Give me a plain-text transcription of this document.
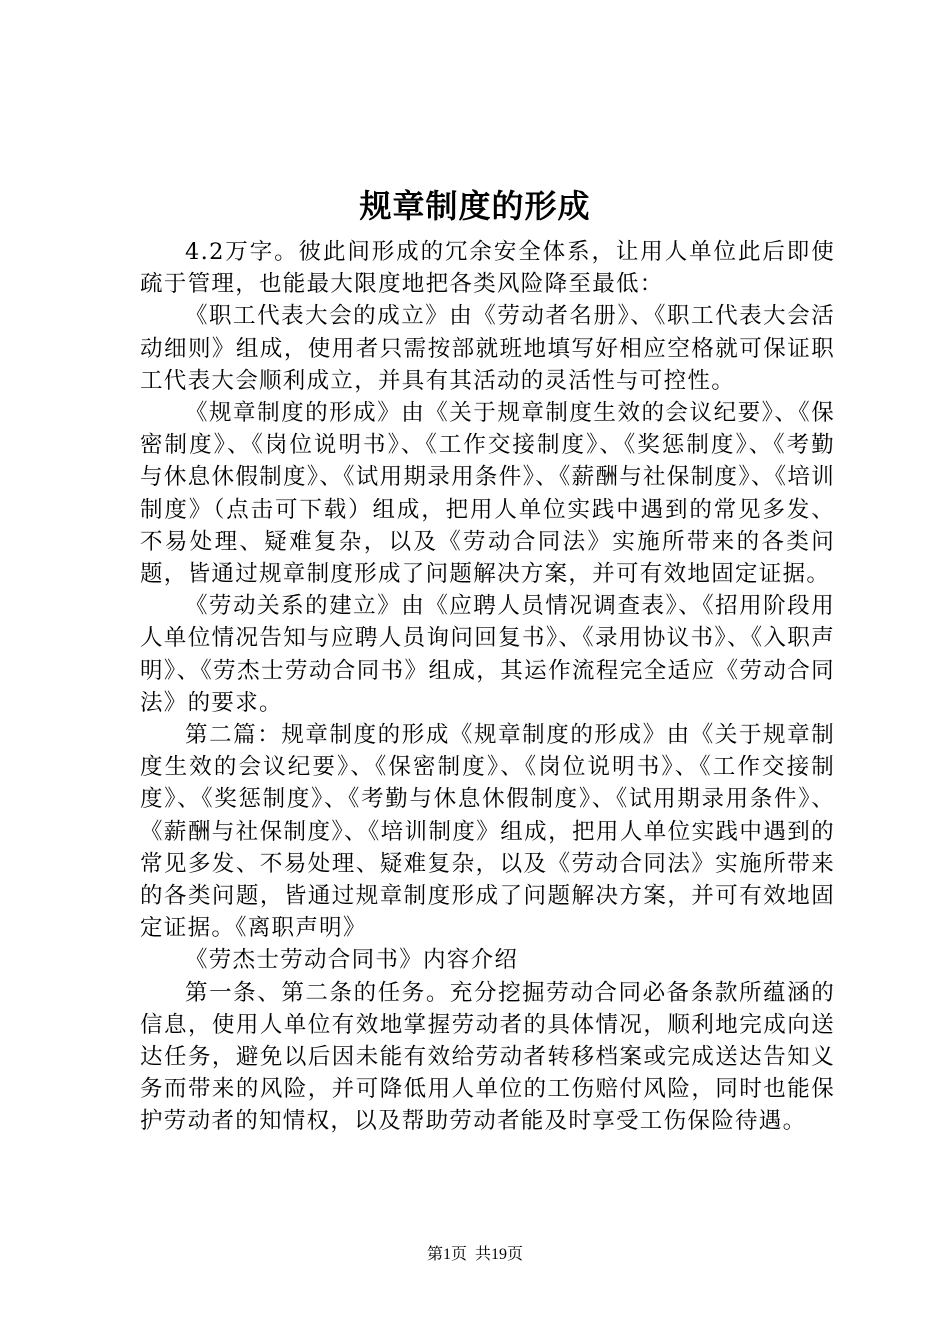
规章制度的形成

4.2万字。彼此间形成的冗余安全体系，让用人单位此后即使疏于管理，也能最大限度地把各类风险降至最低：

《职工代表大会的成立》由《劳动者名册》、《职工代表大会活动细则》组成，使用者只需按部就班地填写好相应空格就可保证职工代表大会顺利成立，并具有其活动的灵活性与可控性。

《规章制度的形成》由《关于规章制度生效的会议纪要》、《保密制度》、《岗位说明书》、《工作交接制度》、《奖惩制度》、《考勤与休息休假制度》、《试用期录用条件》、《薪酬与社保制度》、《培训制度》（点击可下载）组成，把用人单位实践中遇到的常见多发、不易处理、疑难复杂，以及《劳动合同法》实施所带来的各类问题，皆通过规章制度形成了问题解决方案，并可有效地固定证据。

《劳动关系的建立》由《应聘人员情况调查表》、《招用阶段用人单位情况告知与应聘人员询问回复书》、《录用协议书》、《入职声明》、《劳杰士劳动合同书》组成，其运作流程完全适应《劳动合同法》的要求。

第二篇：规章制度的形成《规章制度的形成》由《关于规章制度生效的会议纪要》、《保密制度》、《岗位说明书》、《工作交接制度》、《奖惩制度》、《考勤与休息休假制度》、《试用期录用条件》、《薪酬与社保制度》、《培训制度》组成，把用人单位实践中遇到的常见多发、不易处理、疑难复杂，以及《劳动合同法》实施所带来的各类问题，皆通过规章制度形成了问题解决方案，并可有效地固定证据。《离职声明》

《劳杰士劳动合同书》内容介绍

第一条、第二条的任务。充分挖掘劳动合同必备条款所蕴涵的信息，使用人单位有效地掌握劳动者的具体情况，顺利地完成向送达任务，避免以后因未能有效给劳动者转移档案或完成送达告知义务而带来的风险，并可降低用人单位的工伤赔付风险，同时也能保护劳动者的知情权，以及帮助劳动者能及时享受工伤保险待遇。

第1页  共19页
